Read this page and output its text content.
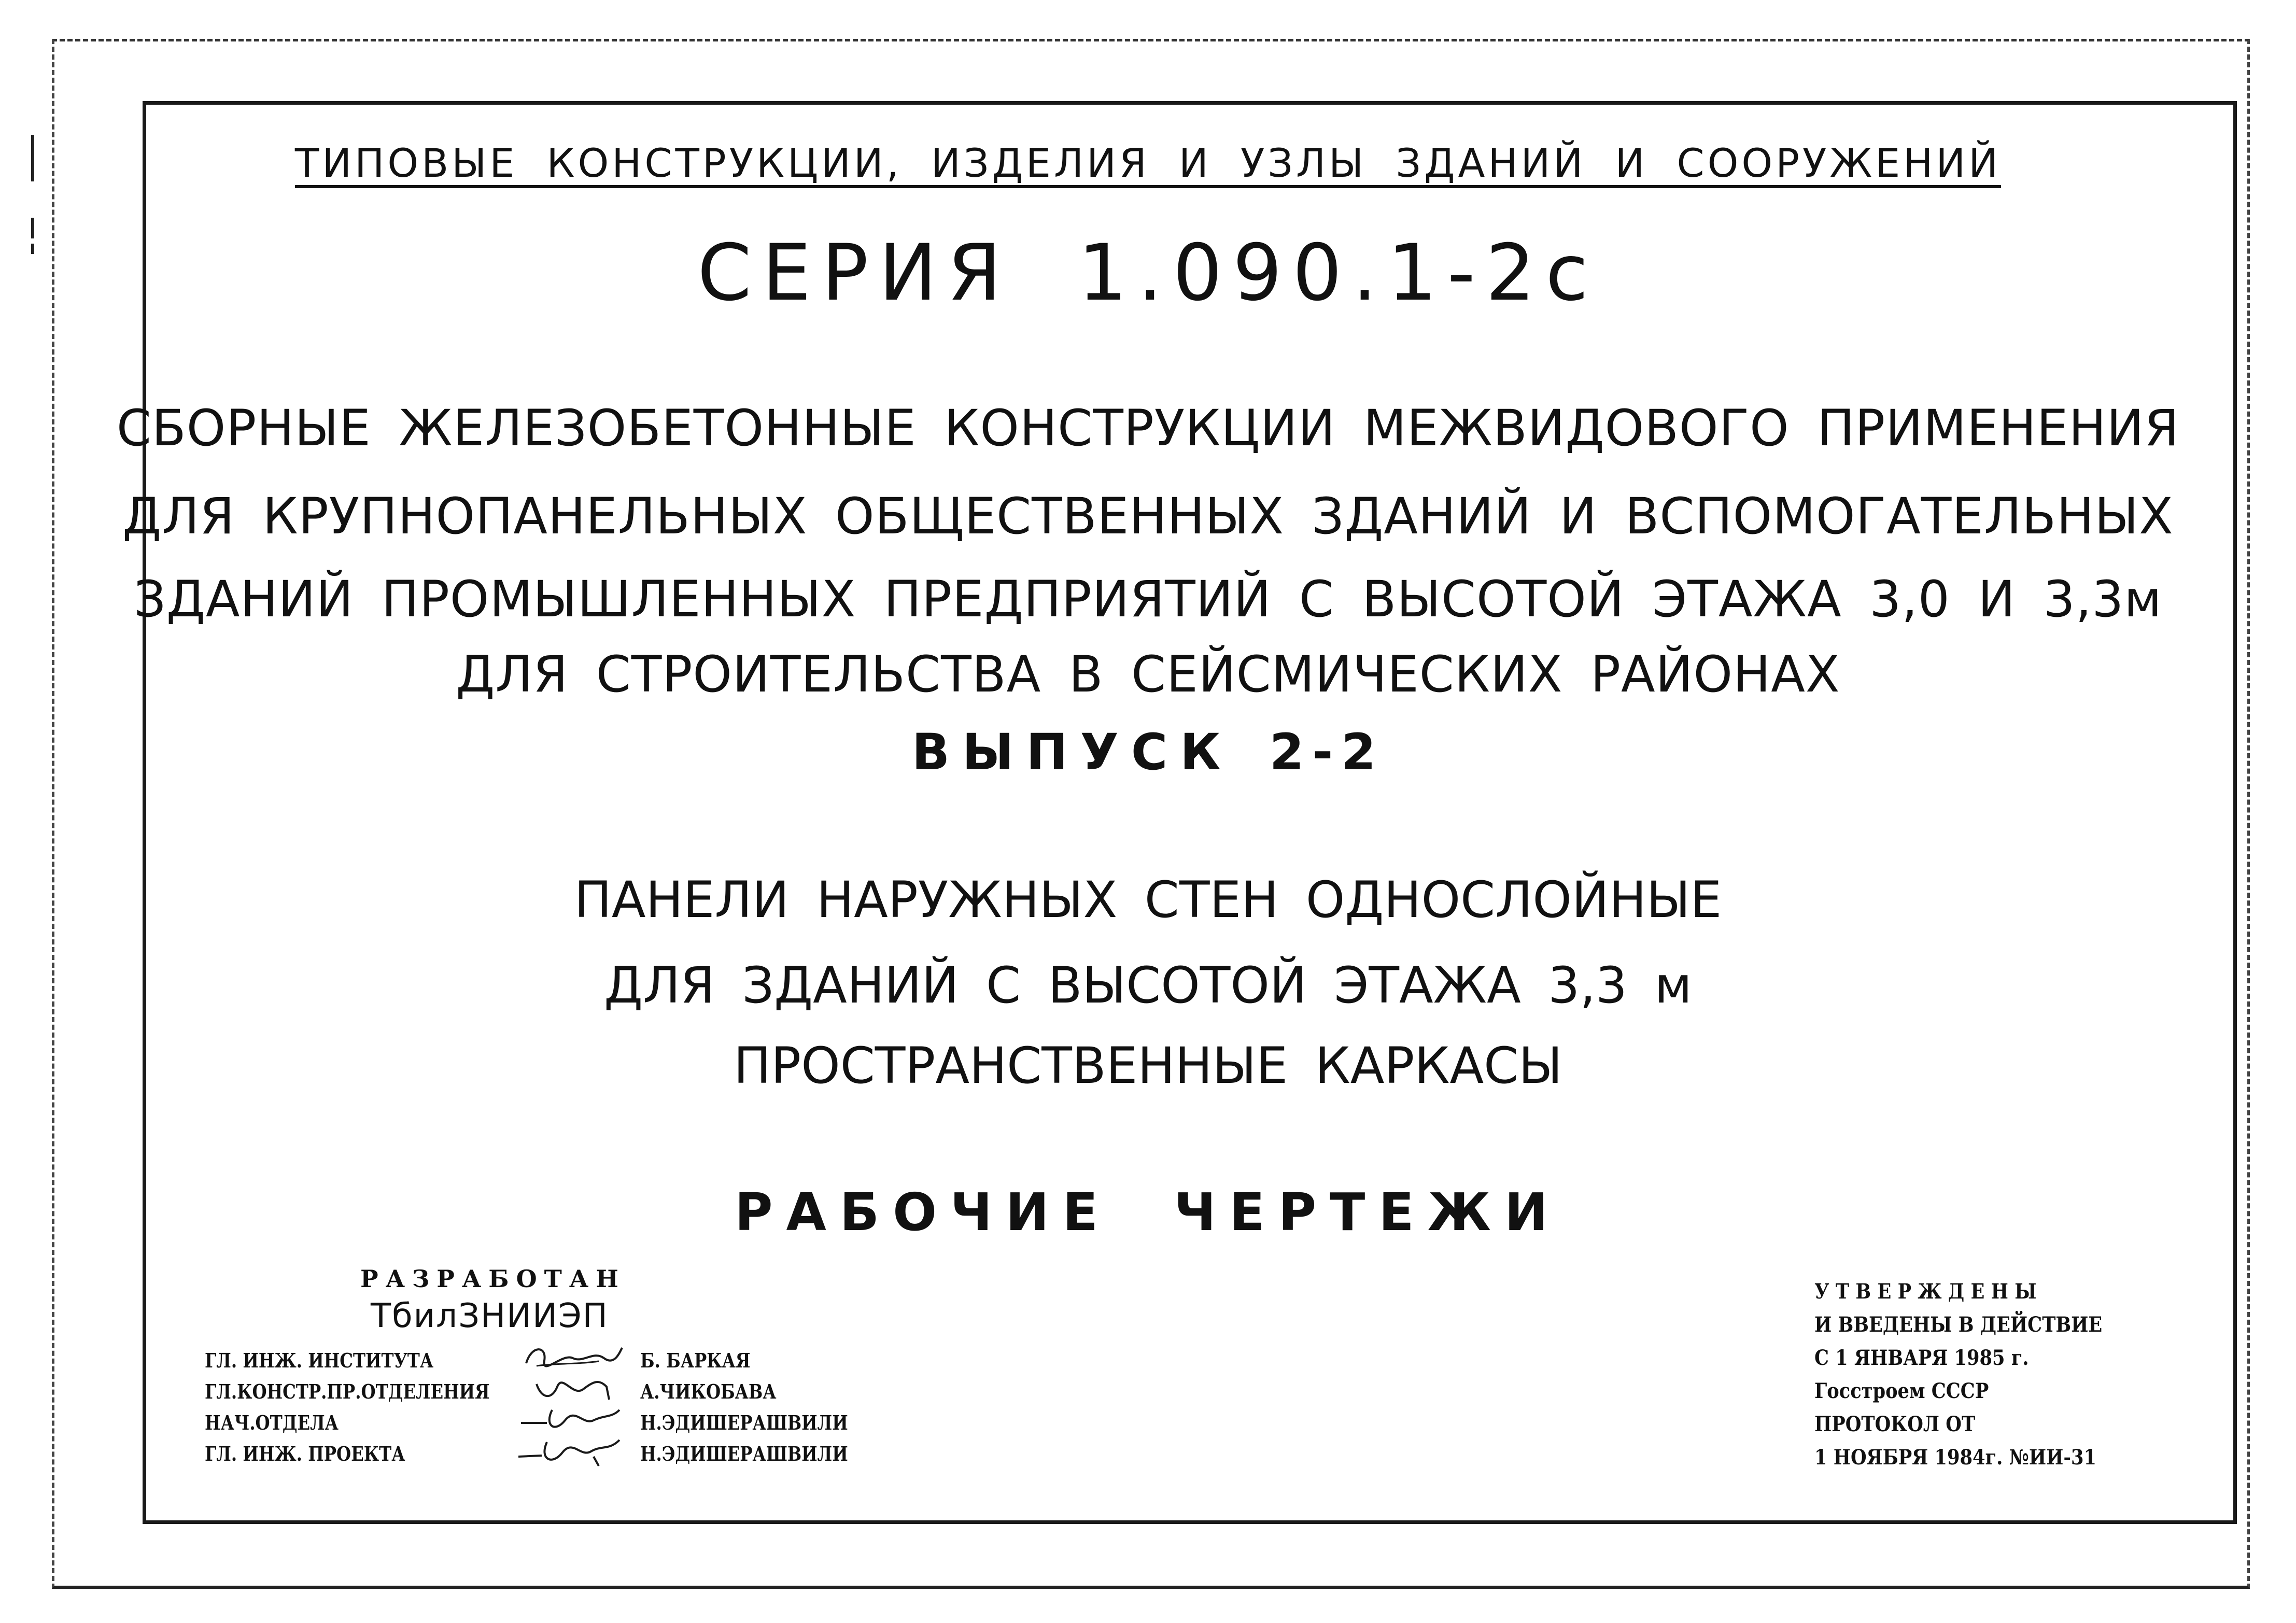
ТИПОВЫЕ КОНСТРУКЦИИ, ИЗДЕЛИЯ И УЗЛЫ ЗДАНИЙ И СООРУЖЕНИЙ
СЕРИЯ 1.090.1-2с
СБОРНЫЕ ЖЕЛЕЗОБЕТОННЫЕ КОНСТРУКЦИИ МЕЖВИДОВОГО ПРИМЕНЕНИЯ
ДЛЯ КРУПНОПАНЕЛЬНЫХ ОБЩЕСТВЕННЫХ ЗДАНИЙ И ВСПОМОГАТЕЛЬНЫХ
ЗДАНИЙ ПРОМЫШЛЕННЫХ ПРЕДПРИЯТИЙ С ВЫСОТОЙ ЭТАЖА 3,0 И 3,3м
ДЛЯ СТРОИТЕЛЬСТВА В СЕЙСМИЧЕСКИХ РАЙОНАХ
ВЫПУСК 2-2
ПАНЕЛИ НАРУЖНЫХ СТЕН ОДНОСЛОЙНЫЕ
ДЛЯ ЗДАНИЙ С ВЫСОТОЙ ЭТАЖА 3,3 м
ПРОСТРАНСТВЕННЫЕ КАРКАСЫ
РАБОЧИЕ ЧЕРТЕЖИ
РАЗРАБОТАН
ТбилЗНИИЭП
ГЛ. ИНЖ. ИНСТИТУТА	Б. БАРКАЯ
ГЛ.КОНСТР.ПР.ОТДЕЛЕНИЯ	А.ЧИКОБАВА
НАЧ.ОТДЕЛА	Н.ЭДИШЕРАШВИЛИ
ГЛ. ИНЖ. ПРОЕКТА	Н.ЭДИШЕРАШВИЛИ
УТВЕРЖДЕНЫ
И ВВЕДЕНЫ В ДЕЙСТВИЕ
С 1 ЯНВАРЯ 1985 г.
Госстроем СССР
ПРОТОКОЛ ОТ
1 НОЯБРЯ 1984г. №ИИ-31
